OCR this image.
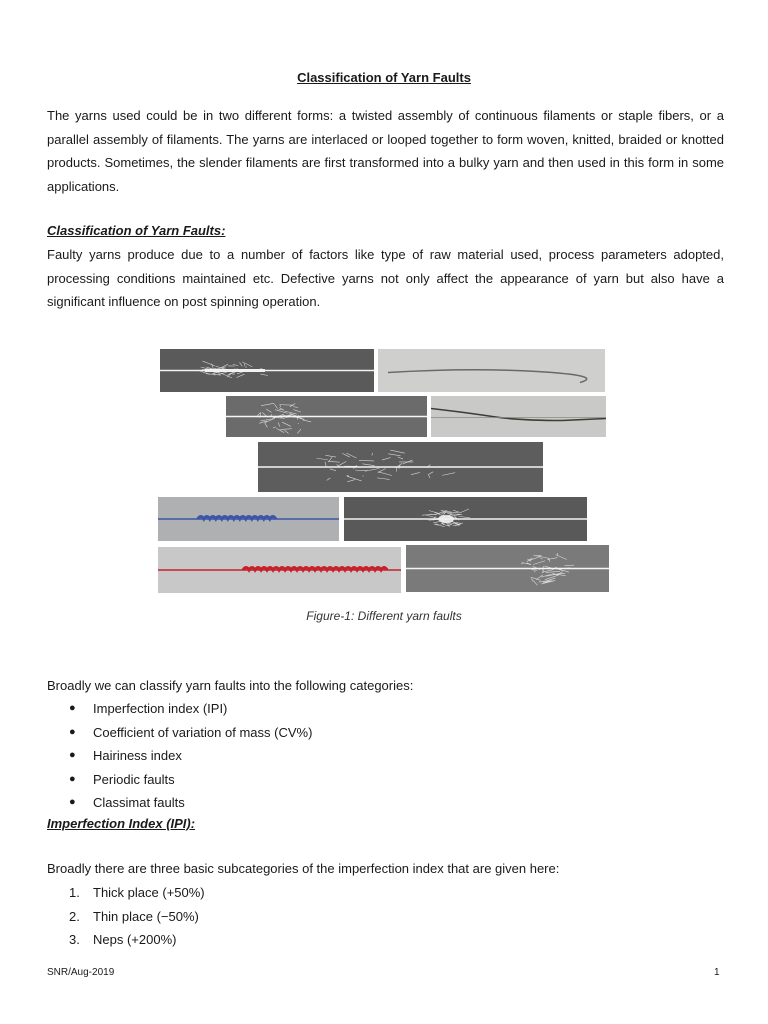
Classification of Yarn Faults

The yarns used could be in two different forms: a twisted assembly of continuous filaments or staple fibers, or a parallel assembly of filaments. The yarns are interlaced or looped together to form woven, knitted, braided or knotted products. Sometimes, the slender filaments are first transformed into a bulky yarn and then used in this form in some applications.

Classification of Yarn Faults:

Faulty yarns produce due to a number of factors like type of raw material used, process parameters adopted, processing conditions maintained etc. Defective yarns not only affect the appearance of yarn but also have a significant influence on post spinning operation.

Figure-1: Different yarn faults

Broadly we can classify yarn faults into the following categories:

● Imperfection index (IPI)
● Coefficient of variation of mass (CV%)
● Hairiness index
● Periodic faults
● Classimat faults
Imperfection Index (IPI):

Broadly there are three basic subcategories of the imperfection index that are given here:

1. Thick place (+50%)
2. Thin place (−50%)
3. Neps (+200%)
SNR/Aug-2019	1
